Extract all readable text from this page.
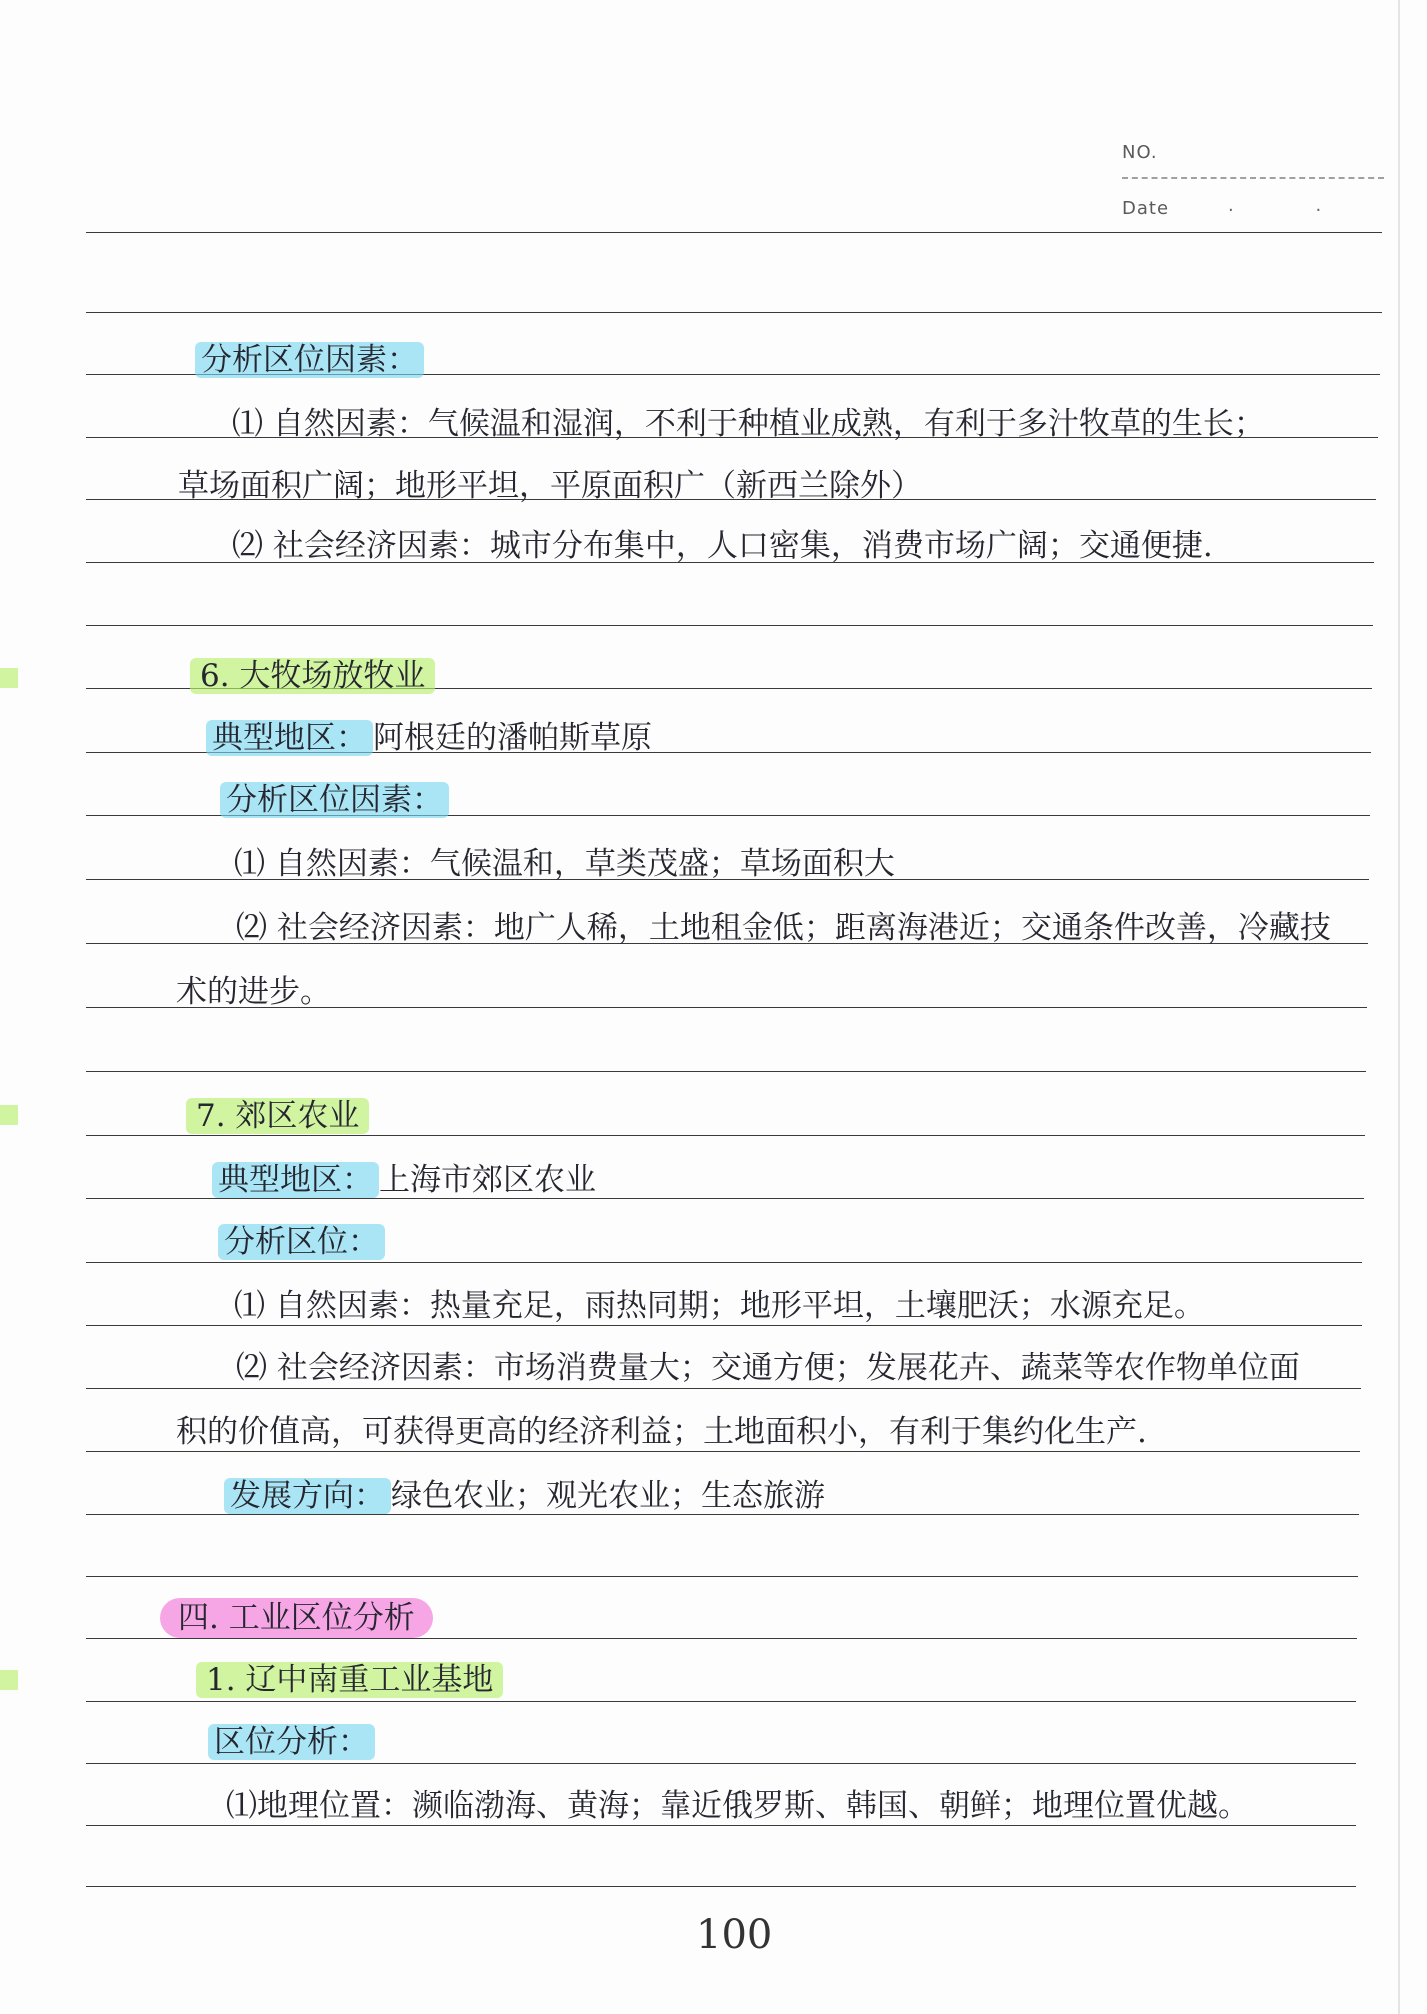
NO.
Date	· ·
分析区位因素：
⑴ 自然因素：气候温和湿润，不利于种植业成熟，有利于多汁牧草的生长；
草场面积广阔；地形平坦，平原面积广（新西兰除外）
⑵ 社会经济因素：城市分布集中，人口密集，消费市场广阔；交通便捷.
6. 大牧场放牧业
典型地区： 阿根廷的潘帕斯草原
分析区位因素：
⑴ 自然因素：气候温和，草类茂盛；草场面积大
⑵ 社会经济因素：地广人稀，土地租金低；距离海港近；交通条件改善，冷藏技
术的进步。
7. 郊区农业
典型地区： 上海市郊区农业
分析区位：
⑴ 自然因素：热量充足，雨热同期；地形平坦，土壤肥沃；水源充足。
⑵ 社会经济因素：市场消费量大；交通方便；发展花卉、蔬菜等农作物单位面
积的价值高，可获得更高的经济利益；土地面积小，有利于集约化生产.
发展方向： 绿色农业；观光农业；生态旅游
四. 工业区位分析
1. 辽中南重工业基地
区位分析：
⑴地理位置：濒临渤海、黄海；靠近俄罗斯、韩国、朝鲜；地理位置优越。
100
